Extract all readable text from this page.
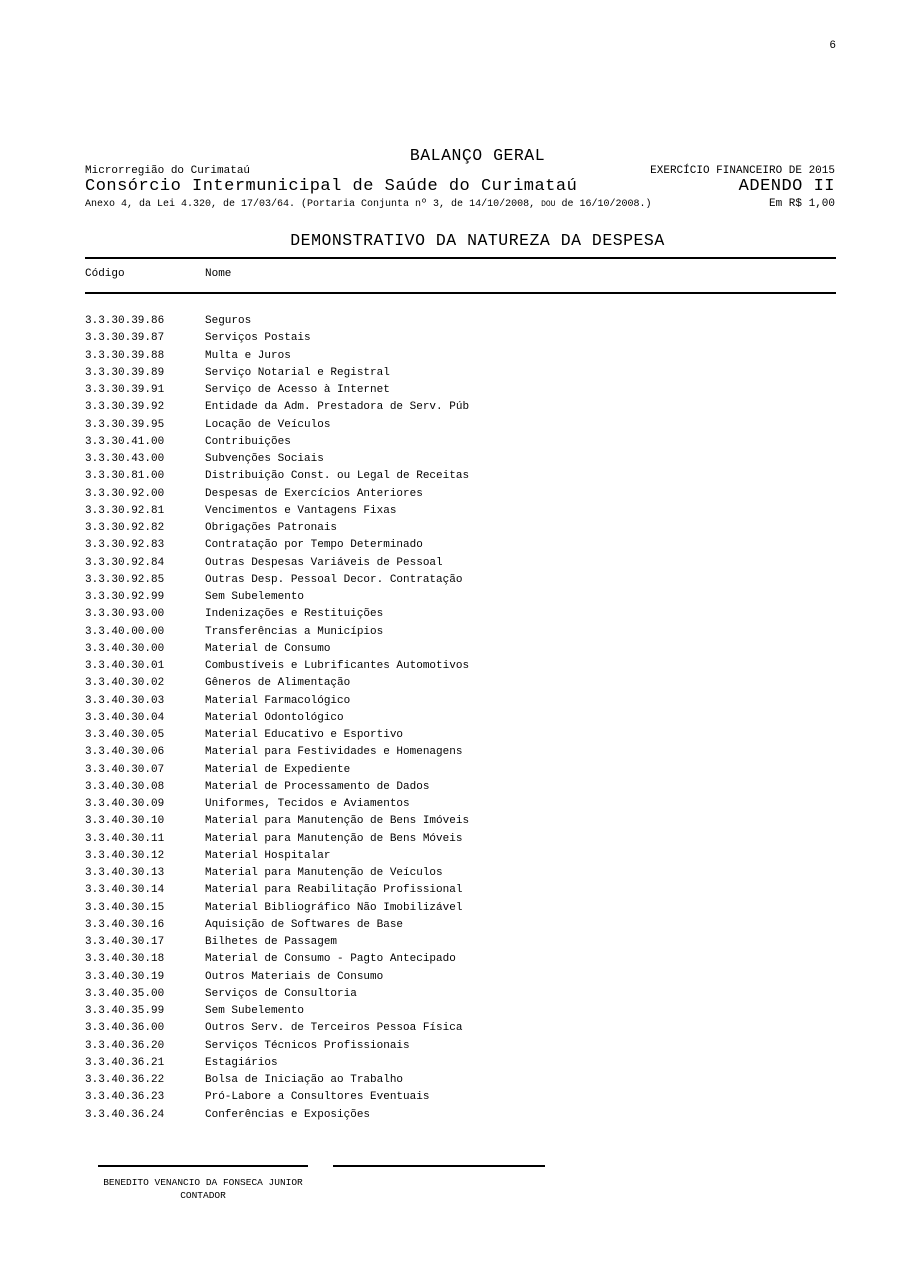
6
BALANÇO GERAL
Microrregião do Curimataú	EXERCÍCIO FINANCEIRO DE 2015
Consórcio Intermunicipal de Saúde do Curimataú	ADENDO II
Anexo 4, da Lei 4.320, de 17/03/64. (Portaria Conjunta nº 3, de 14/10/2008, DOU de 16/10/2008.)	Em R$ 1,00
DEMONSTRATIVO DA NATUREZA DA DESPESA
Código	Nome
3.3.30.39.86	Seguros
3.3.30.39.87	Serviços Postais
3.3.30.39.88	Multa e Juros
3.3.30.39.89	Serviço Notarial e Registral
3.3.30.39.91	Serviço de Acesso à Internet
3.3.30.39.92	Entidade da Adm. Prestadora de Serv. Púb
3.3.30.39.95	Locação de Veículos
3.3.30.41.00	Contribuições
3.3.30.43.00	Subvenções Sociais
3.3.30.81.00	Distribuição Const. ou Legal de Receitas
3.3.30.92.00	Despesas de Exercícios Anteriores
3.3.30.92.81	Vencimentos e Vantagens Fixas
3.3.30.92.82	Obrigações Patronais
3.3.30.92.83	Contratação por Tempo Determinado
3.3.30.92.84	Outras Despesas Variáveis de Pessoal
3.3.30.92.85	Outras Desp. Pessoal Decor. Contratação
3.3.30.92.99	Sem Subelemento
3.3.30.93.00	Indenizações e Restituições
3.3.40.00.00	Transferências a Municípios
3.3.40.30.00	Material de Consumo
3.3.40.30.01	Combustíveis e Lubrificantes Automotivos
3.3.40.30.02	Gêneros de Alimentação
3.3.40.30.03	Material Farmacológico
3.3.40.30.04	Material Odontológico
3.3.40.30.05	Material Educativo e Esportivo
3.3.40.30.06	Material para Festividades e Homenagens
3.3.40.30.07	Material de Expediente
3.3.40.30.08	Material de Processamento de Dados
3.3.40.30.09	Uniformes, Tecidos e Aviamentos
3.3.40.30.10	Material para Manutenção de Bens Imóveis
3.3.40.30.11	Material para Manutenção de Bens Móveis
3.3.40.30.12	Material Hospitalar
3.3.40.30.13	Material para Manutenção de Veículos
3.3.40.30.14	Material para Reabilitação Profissional
3.3.40.30.15	Material Bibliográfico Não Imobilizável
3.3.40.30.16	Aquisição de Softwares de Base
3.3.40.30.17	Bilhetes de Passagem
3.3.40.30.18	Material de Consumo - Pagto Antecipado
3.3.40.30.19	Outros Materiais de Consumo
3.3.40.35.00	Serviços de Consultoria
3.3.40.35.99	Sem Subelemento
3.3.40.36.00	Outros Serv. de Terceiros Pessoa Física
3.3.40.36.20	Serviços Técnicos Profissionais
3.3.40.36.21	Estagiários
3.3.40.36.22	Bolsa de Iniciação ao Trabalho
3.3.40.36.23	Pró-Labore a Consultores Eventuais
3.3.40.36.24	Conferências e Exposições
BENEDITO VENANCIO DA FONSECA JUNIOR
CONTADOR
